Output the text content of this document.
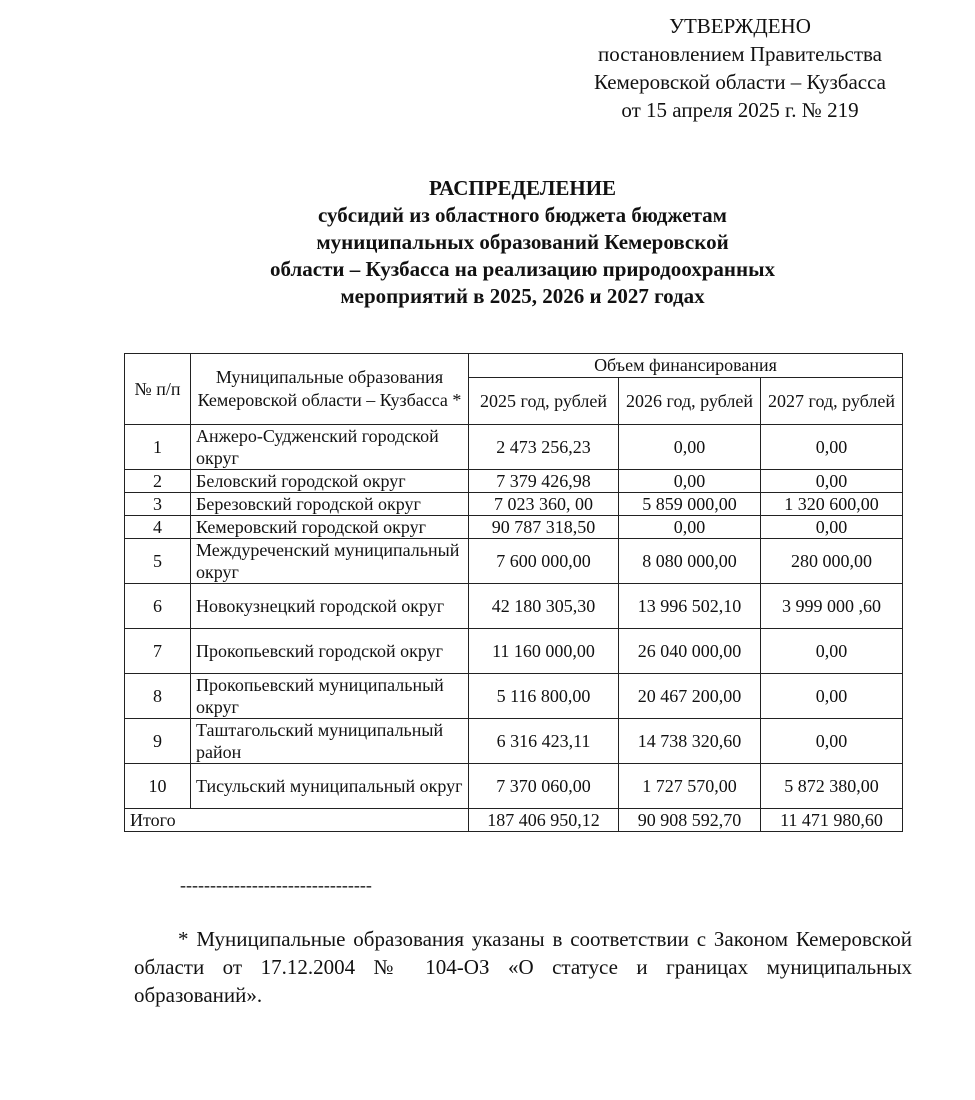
УТВЕРЖДЕНО
постановлением Правительства
Кемеровской области – Кузбасса
от 15 апреля 2025 г. № 219
РАСПРЕДЕЛЕНИЕ
субсидий из областного бюджета бюджетам
муниципальных образований Кемеровской
области – Кузбасса на реализацию природоохранных
мероприятий в 2025, 2026 и 2027 годах
№ п/п	Муниципальные образования Кемеровской области – Кузбасса *	Объем финансирования		
		2025 год, рублей	2026 год, рублей	2027 год, рублей
1	Анжеро-Судженский городской округ	2 473 256,23	0,00	0,00
2	Беловский городской округ	7 379 426,98	0,00	0,00
3	Березовский городской округ	7 023 360, 00	5 859 000,00	1 320 600,00
4	Кемеровский городской округ	90 787 318,50	0,00	0,00
5	Междуреченский муниципальный округ	7 600 000,00	8 080 000,00	280 000,00
6	Новокузнецкий городской округ	42 180 305,30	13 996 502,10	3 999 000 ,60
7	Прокопьевский городской округ	11 160 000,00	26 040 000,00	0,00
8	Прокопьевский муниципальный округ	5 116 800,00	20 467 200,00	0,00
9	Таштагольский муниципальный район	6 316 423,11	14 738 320,60	0,00
10	Тисульский муниципальный округ	7 370 060,00	1 727 570,00	5 872 380,00
Итого		187 406 950,12	90 908 592,70	11 471 980,60
--------------------------------
* Муниципальные образования указаны в соответствии с Законом Кемеровской области от 17.12.2004 № 104-ОЗ «О статусе и границах муниципальных образований».
